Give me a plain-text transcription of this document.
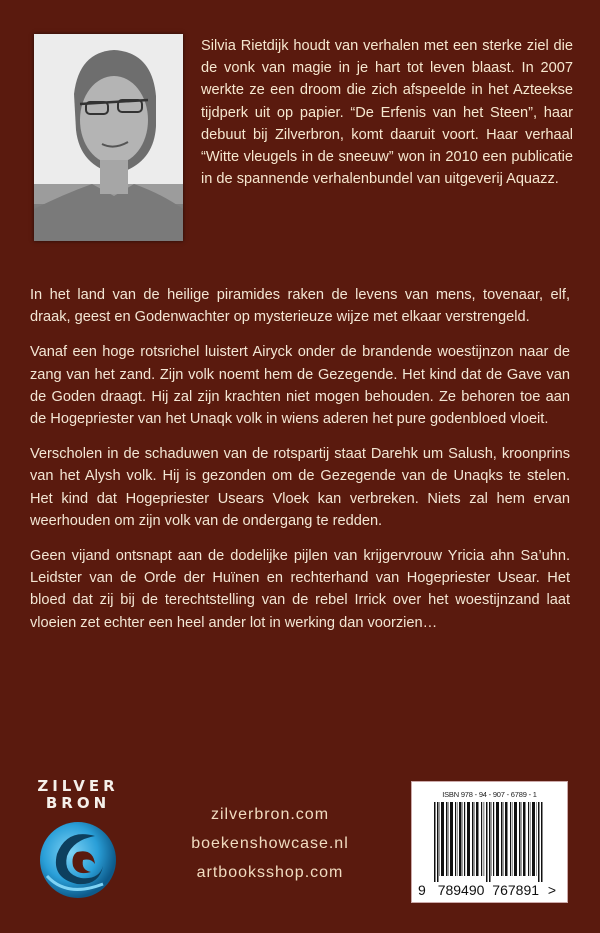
Silvia Rietdijk houdt van verhalen met een sterke ziel die de vonk van magie in je hart tot leven blaast. In 2007 werkte ze een droom die zich afspeelde in het Azteekse tijdperk uit op papier. “De Erfenis van het Steen”, haar debuut bij Zilverbron, komt daaruit voort. Haar verhaal “Witte vleugels in de sneeuw” won in 2010 een publicatie in de spannende verhalenbundel van uitgeverij Aquazz.

In het land van de heilige piramides raken de levens van mens, tovenaar, elf, draak, geest en Godenwachter op mysterieuze wijze met elkaar verstrengeld.

Vanaf een hoge rotsrichel luistert Airyck onder de brandende woestijnzon naar de zang van het zand. Zijn volk noemt hem de Gezegende. Het kind dat de Gave van de Goden draagt. Hij zal zijn krachten niet mogen behouden. Ze behoren toe aan de Hogepriester van het Unaqk volk in wiens aderen het pure godenbloed vloeit.

Verscholen in de schaduwen van de rotspartij staat Darehk um Salush, kroonprins van het Alysh volk. Hij is gezonden om de Gezegende van de Unaqks te stelen. Het kind dat Hogepriester Usears Vloek kan verbreken. Niets zal hem ervan weerhouden om zijn volk van de ondergang te redden.

Geen vijand ontsnapt aan de dodelijke pijlen van krijgervrouw Yricia ahn Sa’uhn. Leidster van de Orde der Huïnen en rechterhand van Hogepriester Usear. Het bloed dat zij bij de terechtstelling van de rebel Irrick over het woestijnzand laat vloeien zet echter een heel ander lot in werking dan voorzien…

ZILVER
BRON
zilverbron.com
boekenshowcase.nl
artbooksshop.com
ISBN 978 - 94 - 907 - 6789 - 1
9 789490 767891 >
